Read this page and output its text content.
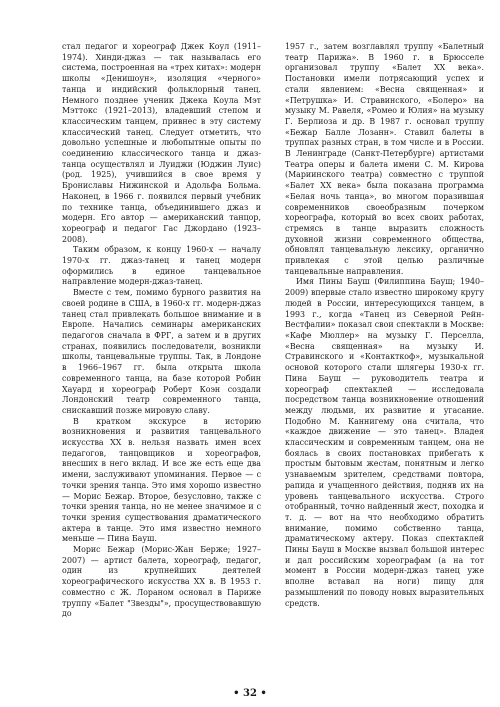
стал педагог и хореограф Джек Коул (1911–1974). Хинди-джаз — так называлась его система, построенная на «трех китах»: модерн школы «Денишоун», изоляция «черного» танца и индийский фольклорный танец. Немного позднее ученик Джека Коула Мэт Мэттокс (1921–2013), владевший степом и классическим танцем, привнес в эту систему классический танец. Следует отметить, что довольно успешные и любопытные опыты по соединению классического танца и джаз-танца осуществлял и Луиджи (Юджин Луис) (род. 1925), учившийся в свое время у Брониславы Нижинской и Адольфа Больма. Наконец, в 1966 г. появился первый учебник по технике танца, объединившего джаз и модерн. Его автор — американский танцор, хореограф и педагог Гас Джордано (1923–2008).

Таким образом, к концу 1960-х — началу 1970-х гг. джаз-танец и танец модерн оформились в единое танцевальное направление модерн-джаз-танец.

Вместе с тем, помимо бурного развития на своей родине в США, в 1960-х гг. модерн-джаз танец стал привлекать большое внимание и в Европе. Начались семинары американских педагогов сначала в ФРГ, а затем и в других странах, появились последователи, возникли школы, танцевальные труппы. Так, в Лондоне в 1966–1967 гг. была открыта школа современного танца, на базе которой Робин Хауард и хореограф Роберт Коэн создали Лондонский театр современного танца, снискавший позже мировую славу.

В кратком экскурсе в историю возникновения и развития танцевального искусства ХХ в. нельзя назвать имен всех педагогов, танцовщиков и хореографов, внесших в него вклад. И все же есть еще два имени, заслуживают упоминания. Первое — с точки зрения танца. Это имя хорошо известно — Морис Бежар. Второе, безусловно, также с точки зрения танца, но не менее значимое и с точки зрения существования драматического актера в танце. Это имя известно немного меньше — Пина Бауш.

Морис Бежар (Морис-Жан Бержe; 1927–2007) — артист балета, хореограф, педагог, один из крупнейших деятелей хореографического искусства ХХ в. В 1953 г. совместно с Ж. Лораном основал в Париже труппу «Балет "Звезды"», просуществовавшую до

1957 г., затем возглавлял труппу «Балетный театр Парижа». В 1960 г. в Брюсселе организовал труппу «Балет ХХ века». Постановки имели потрясающий успех и стали явлением: «Весна священная» и «Петрушка» И. Стравинского, «Болеро» на музыку М. Равеля, «Ромео и Юлия» на музыку Г. Берлиоза и др. В 1987 г. основал труппу «Бежар Балле Лозанн». Ставил балеты в труппах разных стран, в том числе и в России. В Ленинграде (Санкт-Петербурге) артистами Театра оперы и балета имени С. М. Кирова (Мариинского театра) совместно с труппой «Балет ХХ века» была показана программа «Белая ночь танца», во многом поразившая современников своеобразным почерком хореографа, который во всех своих работах, стремясь в танце выразить сложность духовной жизни современного общества, обновлял танцевальную лексику, органично привлекая с этой целью различные танцевальные направления.

Имя Пины Бауш (Филиппина Бауш; 1940–2009) впервые стало известно широкому кругу людей в России, интересующихся танцем, в 1993 г., когда «Танец из Северной Рейн-Вестфалии» показал свои спектакли в Москве: «Кафе Мюллер» на музыку Г. Перселла, «Весна священная» на музыку И. Стравинского и «Контакткоф», музыкальной основой которого стали шлягеры 1930-х гг. Пина Бауш — руководитель театра и хореограф спектаклей — исследовала посредством танца возникновение отношений между людьми, их развитие и угасание. Подобно М. Каннигему она считала, что «каждое движение — это танец». Владея классическим и современным танцем, она не боялась в своих постановках прибегать к простым бытовым жестам, понятным и легко узнаваемым зрителем, средствами повтора, рапида и учащенного действия, подняв их на уровень танцевального искусства. Строго отобранный, точно найденный жест, походка и т. д. — вот на что необходимо обратить внимание, помимо собственно танца, драматическому актеру. Показ спектаклей Пины Бауш в Москве вызвал большой интерес и дал российским хореографам (а на тот момент в России модерн-джаз танец уже вполне вставал на ноги) пищу для размышлений по поводу новых выразительных средств.

• 32 •
